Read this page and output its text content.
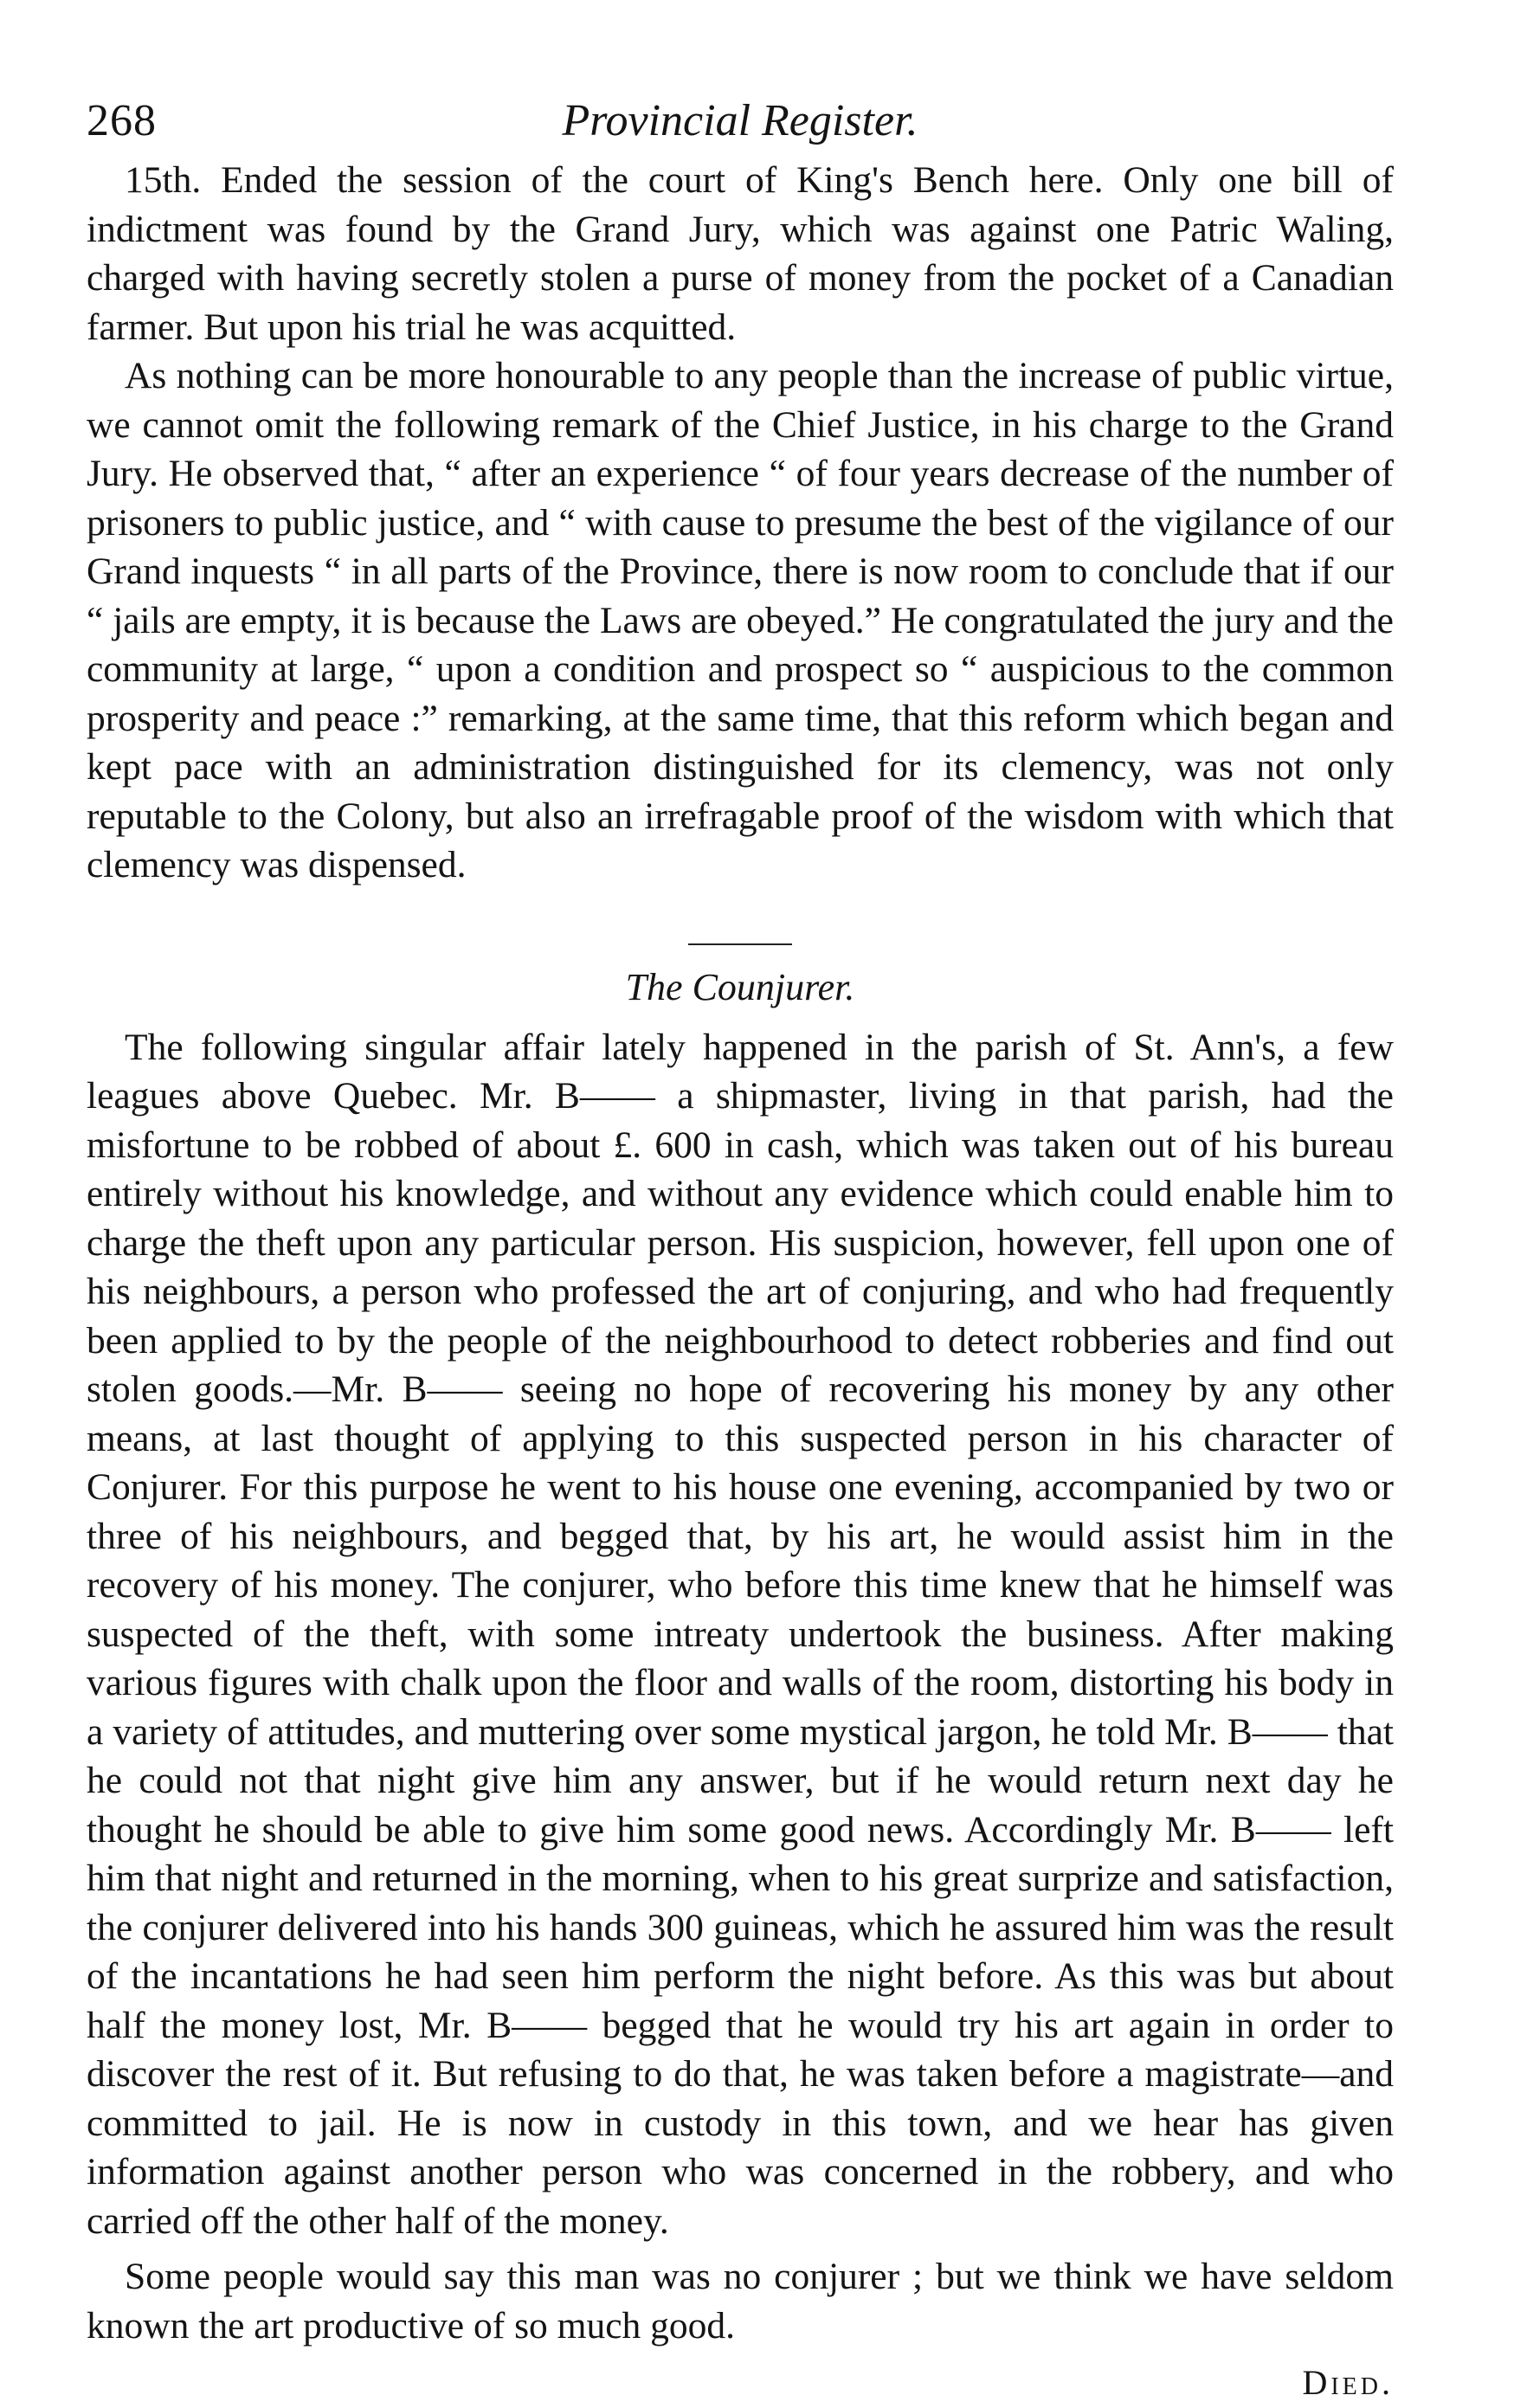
268	Provincial Register.

15th. Ended the session of the court of King's Bench here. Only one bill of indictment was found by the Grand Jury, which was against one Patric Waling, charged with having secretly stolen a purse of money from the pocket of a Canadian farmer. But upon his trial he was acquitted.

As nothing can be more honourable to any people than the increase of public virtue, we cannot omit the following remark of the Chief Justice, in his charge to the Grand Jury. He observed that, “ after an experience “ of four years decrease of the number of prisoners to public justice, and “ with cause to presume the best of the vigilance of our Grand inquests “ in all parts of the Province, there is now room to conclude that if our “ jails are empty, it is because the Laws are obeyed.” He congratulated the jury and the community at large, “ upon a condition and prospect so “ auspicious to the common prosperity and peace :” remarking, at the same time, that this reform which began and kept pace with an administration distinguished for its clemency, was not only reputable to the Colony, but also an irrefragable proof of the wisdom with which that clemency was dispensed.

The Counjurer.

The following singular affair lately happened in the parish of St. Ann's, a few leagues above Quebec. Mr. B—— a shipmaster, living in that parish, had the misfortune to be robbed of about £. 600 in cash, which was taken out of his bureau entirely without his knowledge, and without any evidence which could enable him to charge the theft upon any particular person. His suspicion, however, fell upon one of his neighbours, a person who professed the art of conjuring, and who had frequently been applied to by the people of the neighbourhood to detect robberies and find out stolen goods.—Mr. B—— seeing no hope of recovering his money by any other means, at last thought of applying to this suspected person in his character of Conjurer. For this purpose he went to his house one evening, accompanied by two or three of his neighbours, and begged that, by his art, he would assist him in the recovery of his money. The conjurer, who before this time knew that he himself was suspected of the theft, with some intreaty undertook the business. After making various figures with chalk upon the floor and walls of the room, distorting his body in a variety of attitudes, and muttering over some mystical jargon, he told Mr. B—— that he could not that night give him any answer, but if he would return next day he thought he should be able to give him some good news. Accordingly Mr. B—— left him that night and returned in the morning, when to his great surprize and satisfaction, the conjurer delivered into his hands 300 guineas, which he assured him was the result of the incantations he had seen him perform the night before. As this was but about half the money lost, Mr. B—— begged that he would try his art again in order to discover the rest of it. But refusing to do that, he was taken before a magistrate—and committed to jail. He is now in custody in this town, and we hear has given information against another person who was concerned in the robbery, and who carried off the other half of the money.

Some people would say this man was no conjurer ; but we think we have seldom known the art productive of so much good.

Died.
